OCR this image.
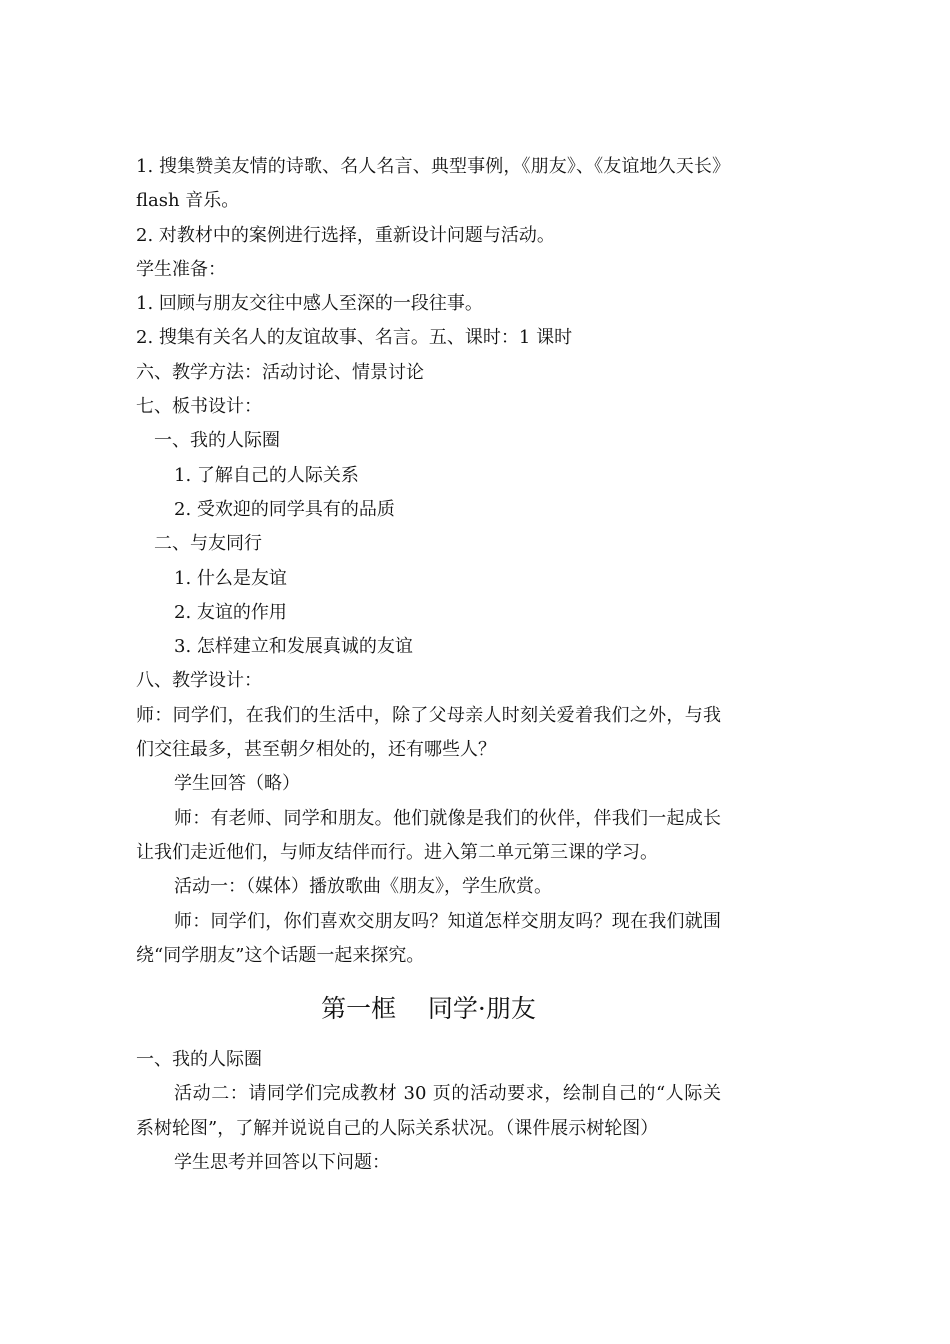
1. 搜集赞美友情的诗歌、名人名言、典型事例，《朋友》、《友谊地久天长》flash 音乐。

2. 对教材中的案例进行选择，重新设计问题与活动。

学生准备：

1. 回顾与朋友交往中感人至深的一段往事。

2. 搜集有关名人的友谊故事、名言。五、课时：1 课时

六、教学方法：活动讨论、情景讨论

七、板书设计：

一、我的人际圈

1. 了解自己的人际关系

2. 受欢迎的同学具有的品质

二、与友同行

1. 什么是友谊

2. 友谊的作用

3. 怎样建立和发展真诚的友谊

八、教学设计：

师：同学们，在我们的生活中，除了父母亲人时刻关爱着我们之外，与我们交往最多，甚至朝夕相处的，还有哪些人？

学生回答（略）

师：有老师、同学和朋友。他们就像是我们的伙伴，伴我们一起成长让我们走近他们，与师友结伴而行。进入第二单元第三课的学习。

活动一：（媒体）播放歌曲《朋友》，学生欣赏。

师：同学们，你们喜欢交朋友吗？知道怎样交朋友吗？现在我们就围绕“同学朋友”这个话题一起来探究。

第一框    同学·朋友

一、我的人际圈

活动二：请同学们完成教材 30 页的活动要求，绘制自己的“人际关系树轮图”，了解并说说自己的人际关系状况。（课件展示树轮图）

学生思考并回答以下问题：
